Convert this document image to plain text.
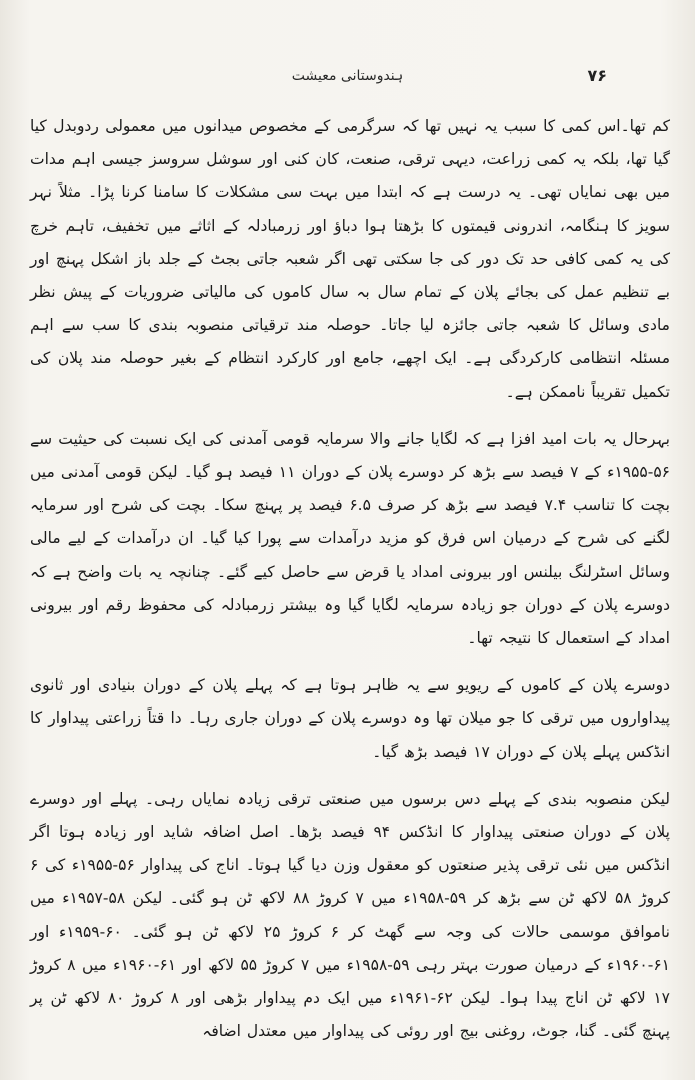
ہندوستانی معیشت	۷۶

کم تھا۔اس کمی کا سبب یہ نہیں تھا کہ سرگرمی کے مخصوص میدانوں میں معمولی ردوبدل کیا گیا تھا، بلکہ یہ کمی زراعت، دیہی ترقی، صنعت، کان کنی اور سوشل سروسز جیسی اہم مدات میں بھی نمایاں تھی۔ یہ درست ہے کہ ابتدا میں بہت سی مشکلات کا سامنا کرنا پڑا۔ مثلاً نہر سویز کا ہنگامہ، اندرونی قیمتوں کا بڑھتا ہوا دباؤ اور زرمبادلہ کے اثاثے میں تخفیف، تاہم خرچ کی یہ کمی کافی حد تک دور کی جا سکتی تھی اگر شعبہ جاتی بجٹ کے جلد باز اشکل پہنچ اور بے تنظیم عمل کی بجائے پلان کے تمام سال بہ سال کاموں کی مالیاتی ضروریات کے پیش نظر مادی وسائل کا شعبہ جاتی جائزہ لیا جاتا۔ حوصلہ مند ترقیاتی منصوبہ بندی کا سب سے اہم مسئلہ انتظامی کارکردگی ہے۔ ایک اچھے، جامع اور کارکرد انتظام کے بغیر حوصلہ مند پلان کی تکمیل تقریباً ناممکن ہے۔

بہرحال یہ بات امید افزا ہے کہ لگایا جانے والا سرمایہ قومی آمدنی کی ایک نسبت کی حیثیت سے ۵۶-۱۹۵۵ء کے ۷ فیصد سے بڑھ کر دوسرے پلان کے دوران ۱۱ فیصد ہو گیا۔ لیکن قومی آمدنی میں بچت کا تناسب ۷.۴ فیصد سے بڑھ کر صرف ۶.۵ فیصد پر پہنچ سکا۔ بچت کی شرح اور سرمایہ لگنے کی شرح کے درمیان اس فرق کو مزید درآمدات سے پورا کیا گیا۔ ان درآمدات کے لیے مالی وسائل اسٹرلنگ بیلنس اور بیرونی امداد یا قرض سے حاصل کیے گئے۔ چنانچہ یہ بات واضح ہے کہ دوسرے پلان کے دوران جو زیادہ سرمایہ لگایا گیا وہ بیشتر زرمبادلہ کی محفوظ رقم اور بیرونی امداد کے استعمال کا نتیجہ تھا۔

دوسرے پلان کے کاموں کے ریویو سے یہ ظاہر ہوتا ہے کہ پہلے پلان کے دوران بنیادی اور ثانوی پیداواروں میں ترقی کا جو میلان تھا وہ دوسرے پلان کے دوران جاری رہا۔ دا قتاً زراعتی پیداوار کا انڈکس پہلے پلان کے دوران ۱۷ فیصد بڑھ گیا۔

لیکن منصوبہ بندی کے پہلے دس برسوں میں صنعتی ترقی زیادہ نمایاں رہی۔ پہلے اور دوسرے پلان کے دوران صنعتی پیداوار کا انڈکس ۹۴ فیصد بڑھا۔ اصل اضافہ شاید اور زیادہ ہوتا اگر انڈکس میں نئی ترقی پذیر صنعتوں کو معقول وزن دیا گیا ہوتا۔ اناج کی پیداوار ۵۶-۱۹۵۵ء کی ۶ کروڑ ۵۸ لاکھ ٹن سے بڑھ کر ۵۹-۱۹۵۸ء میں ۷ کروڑ ۸۸ لاکھ ٹن ہو گئی۔ لیکن ۵۸-۱۹۵۷ء میں ناموافق موسمی حالات کی وجہ سے گھٹ کر ۶ کروڑ ۲۵ لاکھ ٹن ہو گئی۔ ۶۰-۱۹۵۹ء اور ۶۱-۱۹۶۰ء کے درمیان صورت بہتر رہی ۵۹-۱۹۵۸ء میں ۷ کروڑ ۵۵ لاکھ اور ۶۱-۱۹۶۰ء میں ۸ کروڑ ۱۷ لاکھ ٹن اناج پیدا ہوا۔ لیکن ۶۲-۱۹۶۱ء میں ایک دم پیداوار بڑھی اور ۸ کروڑ ۸۰ لاکھ ٹن پر پہنچ گئی۔ گنا، جوٹ، روغنی بیج اور روئی کی پیداوار میں معتدل اضافہ
